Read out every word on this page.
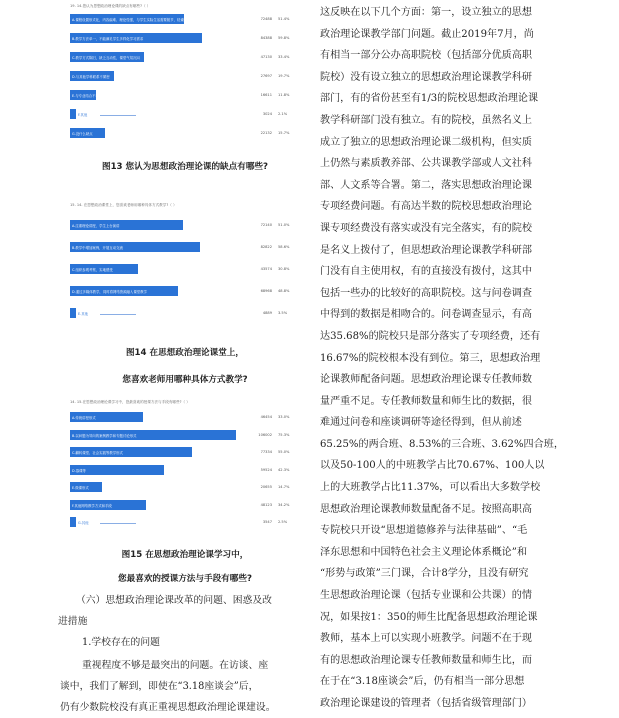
19. 14.您认为思想政治理论课的缺点有哪些?（ ）
A.课程设置形式化，内容偏难、理论性强，与学生实际生活需要脱节，枯燥乏味	72488 51.4%
B.教学方法单一，不能满足学生多样化学习需求	84388 59.8%
C.教学方式陈旧，缺乏互动性，课堂气氛沉闷	47130 33.4%
D.与其他学科联系不紧密	27697 19.7%
E.与专业结合不够	16611 11.8%
F.其他	3024 2.1%
G.没什么缺点	22132 15.7%
图13 您认为思想政治理论课的缺点有哪些?
15. 14. 在思想政治课堂上，您喜欢老师用哪种具体方式教学?（ ）
A.注重理论讲授，学生上台演讲	72140 51.0%
B.教学中增加案例，开展互动交流	82822 58.6%
C.组织参观考察，实地感受	43574 30.8%
D.通过多媒体教学，同时将网络资源融入课堂教学	68968 48.8%
E.其他	4889 3.5%
图14 在思想政治理论课堂上，
您喜欢老师用哪种具体方式教学?
14. 15.在思想政治理论课学习中，您最喜欢的授课方法与手段有哪些?（ ）
A.传统讲授形式	46454 33.0%
B.以问题为导向的案例教学和专题讨论形式	106002 75.3%
C.翻转课堂、社会实践等教学形式	77334 55.0%
D.慕课等	59524 42.3%
E.微课形式	20655 14.7%
F.其他网络教学方式和手段	48123 34.2%
G.其他	3547 2.5%
图15 在思想政治理论课学习中，
您最喜欢的授课方法与手段有哪些?
（六）思想政治理论课改革的问题、困惑及改
进措施
1.学校存在的问题
重视程度不够是最突出的问题。在访谈、座
谈中，我们了解到，即使在“3.18座谈会”后，
仍有少数院校没有真正重视思想政治理论课建设。
这反映在以下几个方面：第一，设立独立的思想
政治理论课教学部门问题。截止2019年7月，尚
有相当一部分公办高职院校（包括部分优质高职
院校）没有设立独立的思想政治理论课教学科研
部门，有的省份甚至有1/3的院校思想政治理论课
教学科研部门没有独立。有的院校，虽然名义上
成立了独立的思想政治理论课二级机构，但实质
上仍然与素质教养部、公共课教学部或人文社科
部、人文系等合署。第二，落实思想政治理论课
专项经费问题。有高达半数的院校思想政治理论
课专项经费没有落实或没有完全落实，有的院校
是名义上拨付了，但思想政治理论课教学科研部
门没有自主使用权，有的直接没有拨付，这其中
包括一些办的比较好的高职院校。这与问卷调查
中得到的数据是相吻合的。问卷调查显示，有高
达35.68%的院校只是部分落实了专项经费，还有
16.67%的院校根本没有到位。第三，思想政治理
论课教师配备问题。思想政治理论课专任教师数
量严重不足。专任教师数量和师生比的数据，很
难通过问卷和座谈调研等途径得到，但从前述
65.25%的两合班、8.53%的三合班、3.62%四合班，
以及50-100人的中班教学占比70.67%、100人以
上的大班教学占比11.37%，可以看出大多数学校
思想政治理论课教师数量配备不足。按照高职高
专院校只开设“思想道德修养与法律基础”、“毛
泽东思想和中国特色社会主义理论体系概论”和
“形势与政策”三门课，合计8学分，且没有研究
生思想政治理论课（包括专业课和公共课）的情
况，如果按1：350的师生比配备思想政治理论课
教师，基本上可以实现小班教学。问题不在于现
有的思想政治理论课专任教师数量和师生比，而
在于在“3.18座谈会”后，仍有相当一部分思想
政治理论课建设的管理者（包括省级管理部门）
